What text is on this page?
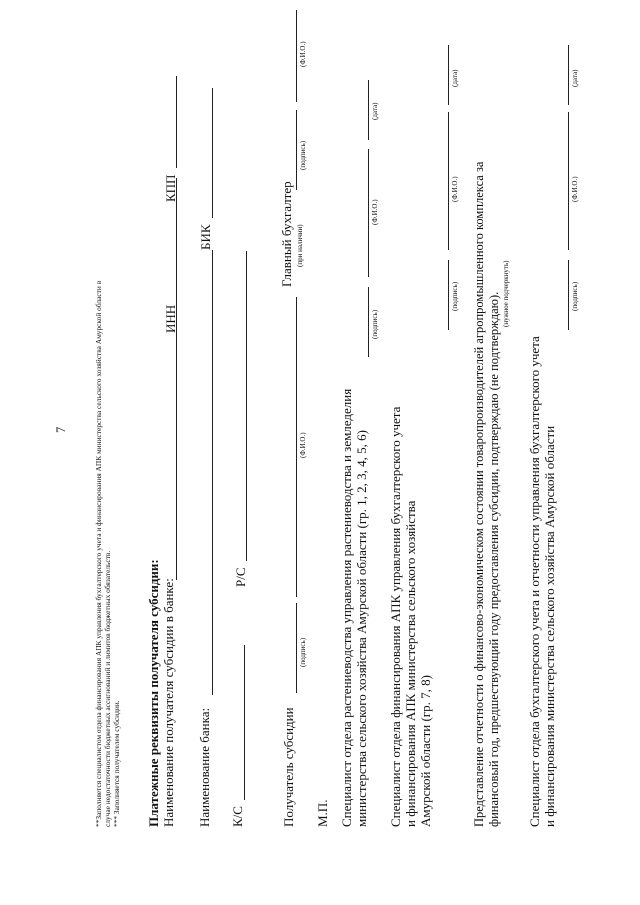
7	**Заполняется специалистом отдела финансирования АПК управления бухгалтерского учета и финансирования АПК министерства сельского хозяйства Амурской области в случае недостаточности бюджетных ассигнований и лимитов бюджетных обязательств. *** Заполняется получателем субсидии. Платежные реквизиты получателя субсидии: Наименование получателя субсидии в банке:
ИНН
КПП
Наименование банка:
БИК
К/С
Р/С
Получатель субсидии
(подпись)
(Ф.И.О.)
Главный бухгалтер (при наличии)
(подпись)
(Ф.И.О.)
М.П. Специалист отдела растениеводства управления растениеводства и земледелия министерства сельского хозяйства Амурской области (гр. 1, 2, 3, 4, 5, 6)
(подпись)
(Ф.И.О.)
(дата)
Специалист отдела финансирования АПК управления бухгалтерского учета и финансирования АПК министерства сельского хозяйства Амурской области (гр. 7, 8)
(подпись)
(Ф.И.О.)
(дата)
Представление отчетности о финансово-экономическом состоянии товаропроизводителей агропромышленного комплекса за финансовый год, предшествующий году предоставления субсидии, подтверждаю (не подтверждаю). (нужное подчеркнуть)
Специалист отдела бухгалтерского учета и отчетности управления бухгалтерского учета и финансирования министерства сельского хозяйства Амурской области
(подпись)
(Ф.И.О.)
(дата)
